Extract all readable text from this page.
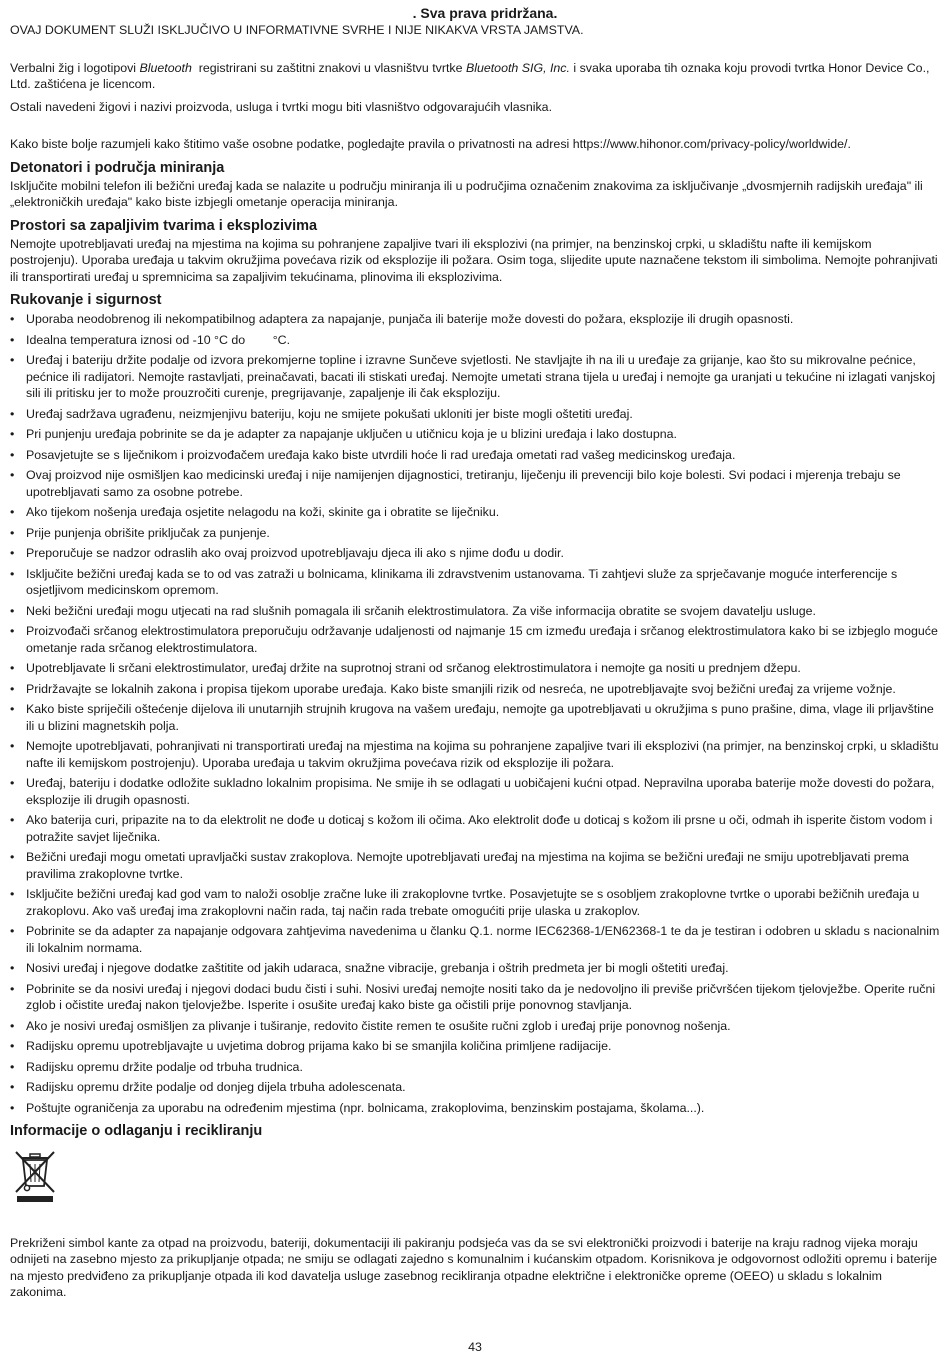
. Sva prava pridržana.

OVAJ DOKUMENT SLUŽI ISKLJUČIVO U INFORMATIVNE SVRHE I NIJE NIKAKVA VRSTA JAMSTVA.

Verbalni žig i logotipovi Bluetooth  registrirani su zaštitni znakovi u vlasništvu tvrtke Bluetooth SIG, Inc. i svaka uporaba tih oznaka koju provodi tvrtka Honor Device Co., Ltd. zaštićena je licencom.

Ostali navedeni žigovi i nazivi proizvoda, usluga i tvrtki mogu biti vlasništvo odgovarajućih vlasnika.

Kako biste bolje razumjeli kako štitimo vaše osobne podatke, pogledajte pravila o privatnosti na adresi https://www.hihonor.com/privacy-policy/worldwide/.

Detonatori i područja miniranja

Isključite mobilni telefon ili bežični uređaj kada se nalazite u području miniranja ili u područjima označenim znakovima za isključivanje „dvosmjernih radijskih uređaja" ili „elektroničkih uređaja" kako biste izbjegli ometanje operacija miniranja.

Prostori sa zapaljivim tvarima i eksplozivima

Nemojte upotrebljavati uređaj na mjestima na kojima su pohranjene zapaljive tvari ili eksplozivi (na primjer, na benzinskoj crpki, u skladištu nafte ili kemijskom postrojenju). Uporaba uređaja u takvim okružjima povećava rizik od eksplozije ili požara. Osim toga, slijedite upute naznačene tekstom ili simbolima. Nemojte pohranjivati ili transportirati uređaj u spremnicima sa zapaljivim tekućinama, plinovima ili eksplozivima.

Rukovanje i sigurnost
• Uporaba neodobrenog ili nekompatibilnog adaptera za napajanje, punjača ili baterije može dovesti do požara, eksplozije ili drugih opasnosti.
• Idealna temperatura iznosi od -10 °C do        °C.
• Uređaj i bateriju držite podalje od izvora prekomjerne topline i izravne Sunčeve svjetlosti. Ne stavljajte ih na ili u uređaje za grijanje, kao što su mikrovalne pećnice, pećnice ili radijatori. Nemojte rastavljati, preinačavati, bacati ili stiskati uređaj. Nemojte umetati strana tijela u uređaj i nemojte ga uranjati u tekućine ni izlagati vanjskoj sili ili pritisku jer to može prouzročiti curenje, pregrijavanje, zapaljenje ili čak eksploziju.
• Uređaj sadržava ugrađenu, neizmjenjivu bateriju, koju ne smijete pokušati ukloniti jer biste mogli oštetiti uređaj.
• Pri punjenju uređaja pobrinite se da je adapter za napajanje uključen u utičnicu koja je u blizini uređaja i lako dostupna.
• Posavjetujte se s liječnikom i proizvođačem uređaja kako biste utvrdili hoće li rad uređaja ometati rad vašeg medicinskog uređaja.
• Ovaj proizvod nije osmišljen kao medicinski uređaj i nije namijenjen dijagnostici, tretiranju, liječenju ili prevenciji bilo koje bolesti. Svi podaci i mjerenja trebaju se upotrebljavati samo za osobne potrebe.
• Ako tijekom nošenja uređaja osjetite nelagodu na koži, skinite ga i obratite se liječniku.
• Prije punjenja obrišite priključak za punjenje.
• Preporučuje se nadzor odraslih ako ovaj proizvod upotrebljavaju djeca ili ako s njime dođu u dodir.
• Isključite bežični uređaj kada se to od vas zatraži u bolnicama, klinikama ili zdravstvenim ustanovama. Ti zahtjevi služe za sprječavanje moguće interferencije s osjetljivom medicinskom opremom.
• Neki bežični uređaji mogu utjecati na rad slušnih pomagala ili srčanih elektrostimulatora. Za više informacija obratite se svojem davatelju usluge.
• Proizvođači srčanog elektrostimulatora preporučuju održavanje udaljenosti od najmanje 15 cm između uređaja i srčanog elektrostimulatora kako bi se izbjeglo moguće ometanje rada srčanog elektrostimulatora.
• Upotrebljavate li srčani elektrostimulator, uređaj držite na suprotnoj strani od srčanog elektrostimulatora i nemojte ga nositi u prednjem džepu.
• Pridržavajte se lokalnih zakona i propisa tijekom uporabe uređaja. Kako biste smanjili rizik od nesreća, ne upotrebljavajte svoj bežični uređaj za vrijeme vožnje.
• Kako biste spriječili oštećenje dijelova ili unutarnjih strujnih krugova na vašem uređaju, nemojte ga upotrebljavati u okružjima s puno prašine, dima, vlage ili prljavštine ili u blizini magnetskih polja.
• Nemojte upotrebljavati, pohranjivati ni transportirati uređaj na mjestima na kojima su pohranjene zapaljive tvari ili eksplozivi (na primjer, na benzinskoj crpki, u skladištu nafte ili kemijskom postrojenju). Uporaba uređaja u takvim okružjima povećava rizik od eksplozije ili požara.
• Uređaj, bateriju i dodatke odložite sukladno lokalnim propisima. Ne smije ih se odlagati u uobičajeni kućni otpad. Nepravilna uporaba baterije može dovesti do požara, eksplozije ili drugih opasnosti.
• Ako baterija curi, pripazite na to da elektrolit ne dođe u doticaj s kožom ili očima. Ako elektrolit dođe u doticaj s kožom ili prsne u oči, odmah ih isperite čistom vodom i potražite savjet liječnika.
• Bežični uređaji mogu ometati upravljački sustav zrakoplova. Nemojte upotrebljavati uređaj na mjestima na kojima se bežični uređaji ne smiju upotrebljavati prema pravilima zrakoplovne tvrtke.
• Isključite bežični uređaj kad god vam to naloži osoblje zračne luke ili zrakoplovne tvrtke. Posavjetujte se s osobljem zrakoplovne tvrtke o uporabi bežičnih uređaja u zrakoplovu. Ako vaš uređaj ima zrakoplovni način rada, taj način rada trebate omogućiti prije ulaska u zrakoplov.
• Pobrinite se da adapter za napajanje odgovara zahtjevima navedenima u članku Q.1. norme IEC62368-1/EN62368-1 te da je testiran i odobren u skladu s nacionalnim ili lokalnim normama.
• Nosivi uređaj i njegove dodatke zaštitite od jakih udaraca, snažne vibracije, grebanja i oštrih predmeta jer bi mogli oštetiti uređaj.
• Pobrinite se da nosivi uređaj i njegovi dodaci budu čisti i suhi. Nosivi uređaj nemojte nositi tako da je nedovoljno ili previše pričvršćen tijekom tjelovježbe. Operite ručni zglob i očistite uređaj nakon tjelovježbe. Isperite i osušite uređaj kako biste ga očistili prije ponovnog stavljanja.
• Ako je nosivi uređaj osmišljen za plivanje i tuširanje, redovito čistite remen te osušite ručni zglob i uređaj prije ponovnog nošenja.
• Radijsku opremu upotrebljavajte u uvjetima dobrog prijama kako bi se smanjila količina primljene radijacije.
• Radijsku opremu držite podalje od trbuha trudnica.
• Radijsku opremu držite podalje od donjeg dijela trbuha adolescenata.
• Poštujte ograničenja za uporabu na određenim mjestima (npr. bolnicama, zrakoplovima, benzinskim postajama, školama...).
Informacije o odlaganju i recikliranju

Prekriženi simbol kante za otpad na proizvodu, bateriji, dokumentaciji ili pakiranju podsjeća vas da se svi elektronički proizvodi i baterije na kraju radnog vijeka moraju odnijeti na zasebno mjesto za prikupljanje otpada; ne smiju se odlagati zajedno s komunalnim i kućanskim otpadom. Korisnikova je odgovornost odložiti opremu i baterije na mjesto predviđeno za prikupljanje otpada ili kod davatelja usluge zasebnog recikliranja otpadne električne i elektroničke opreme (OEEO) u skladu s lokalnim zakonima.

43
